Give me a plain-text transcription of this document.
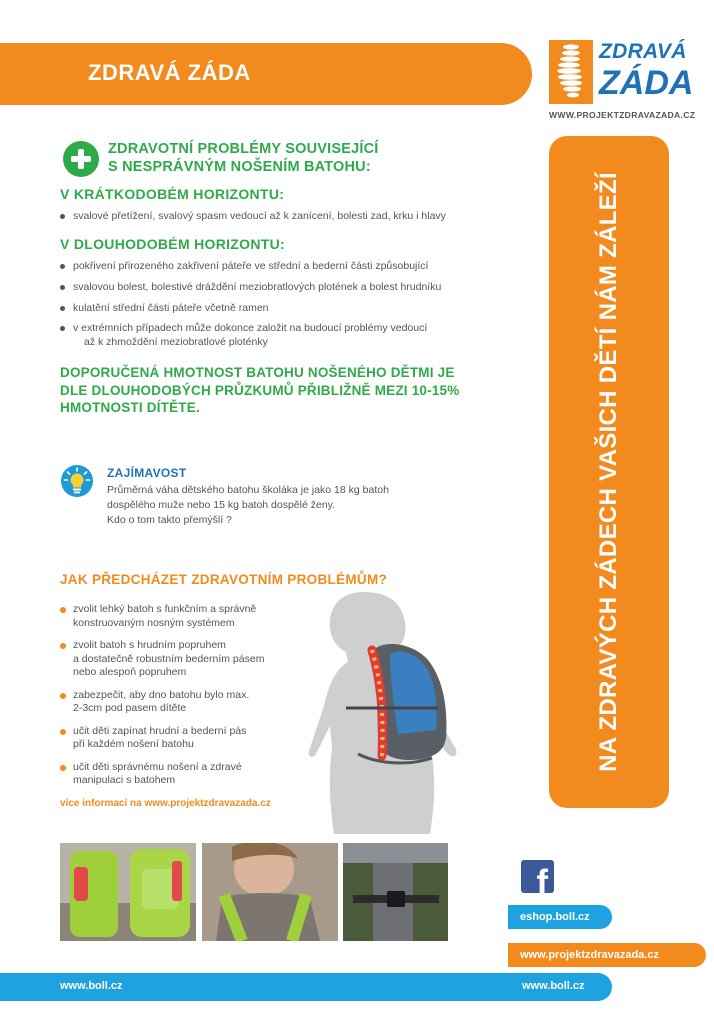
ZDRAVÁ ZÁDA
ZDRAVÁ
ZÁDA
WWW.PROJEKTZDRAVAZADA.CZ
NA ZDRAVÝCH ZÁDECH VAŠICH DĚTÍ NÁM ZÁLEŽÍ
ZDRAVOTNÍ PROBLÉMY SOUVISEJÍCÍ
S NESPRÁVNÝM NOŠENÍM BATOHU:
V KRÁTKODOBÉM HORIZONTU:
svalové přetížení, svalový spasm vedoucí až k zanícení, bolesti zad, krku i hlavy
V DLOUHODOBÉM HORIZONTU:
pokřivení přirozeného zakřivení páteře ve střední a bederní části způsobující
svalovou bolest, bolestivé dráždění meziobratlových plotének a bolest hrudníku
kulatění střední části páteře včetně ramen
v extrémních případech může dokonce založit na budoucí problémy vedoucí
až k zhmoždění meziobratlové ploténky
DOPORUČENÁ HMOTNOST BATOHU NOŠENÉHO DĚTMI JE DLE DLOUHODOBÝCH PRŮZKUMŮ PŘIBLIŽNĚ MEZI 10-15% HMOTNOSTI DÍTĚTE.
ZAJÍMAVOST
Průměrná váha dětského batohu školáka je jako 18 kg batoh
dospělého muže nebo 15 kg batoh dospělé ženy.
Kdo o tom takto přemýšlí ?
JAK PŘEDCHÁZET ZDRAVOTNÍM PROBLÉMŮM?
zvolit lehký batoh s funkčním a správně
konstruovaným nosným systémem
zvolit batoh s hrudním popruhem
a dostatečně robustním bederním pásem
nebo alespoň popruhem
zabezpečit, aby dno batohu bylo max.
2-3cm pod pasem dítěte
učit děti zapínat hrudní a bederní pás
při každém nošení batohu
učit děti správnému nošení a zdravé
manipulaci s batohem
více informací na www.projektzdravazada.cz
f
eshop.boll.cz
www.projektzdravazada.cz
www.boll.cz	www.boll.cz
